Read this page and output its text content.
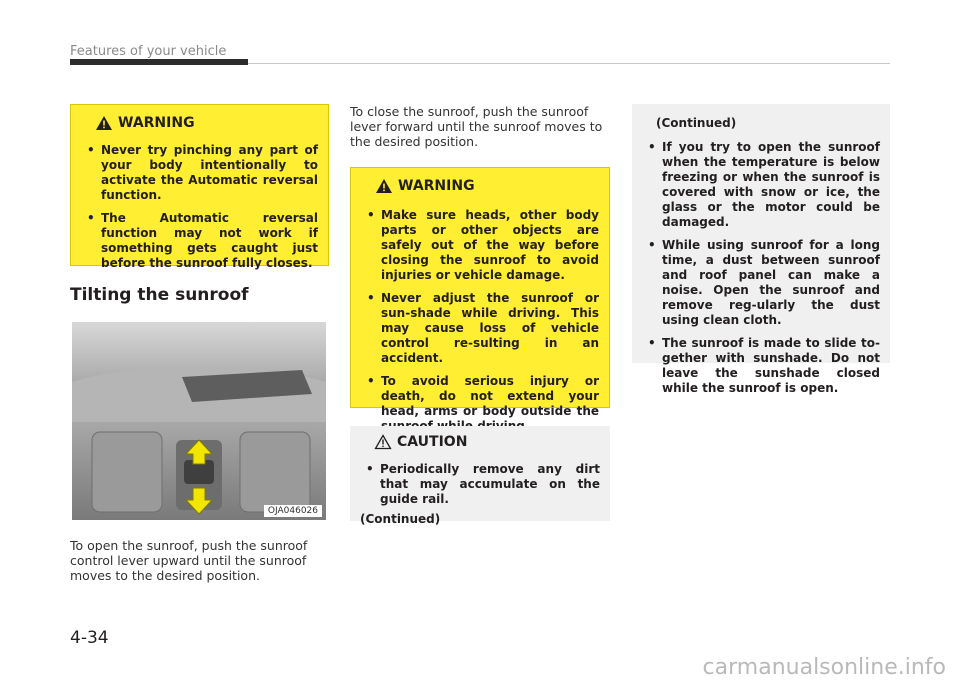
Features of your vehicle
WARNING
• Never try pinching any part of your body intentionally to activate the Automatic reversal function.
• The Automatic reversal function may not work if something gets caught just before the sunroof fully closes.
Tilting the sunroof
OJA046026
To open the sunroof, push the sunroof control lever upward until the sunroof moves to the desired position.
To close the sunroof, push the sunroof lever forward until the sunroof moves to the desired position.
WARNING
• Make sure heads, other body parts or other objects are safely out of the way before closing the sunroof to avoid injuries or vehicle damage.
• Never adjust the sunroof or sun-shade while driving. This may cause loss of vehicle control re-sulting in an accident.
• To avoid serious injury or death, do not extend your head, arms or body outside the
CAUTION
• Periodically remove any dirt that may accumulate on the guide rail.
(Continued)
(Continued)
• If you try to open the sunroof when the temperature is below freezing or when the sunroof is covered with snow or ice, the glass or the motor could be damaged.
• While using sunroof for a long time, a dust between sunroof and roof panel can make a noise. Open the sunroof and remove reg-ularly the dust using clean cloth.
• The sunroof is made to slide to-gether with sunshade. Do not leave the sunshade closed while the sunroof is open.
4-34
carmanualsonline.info
